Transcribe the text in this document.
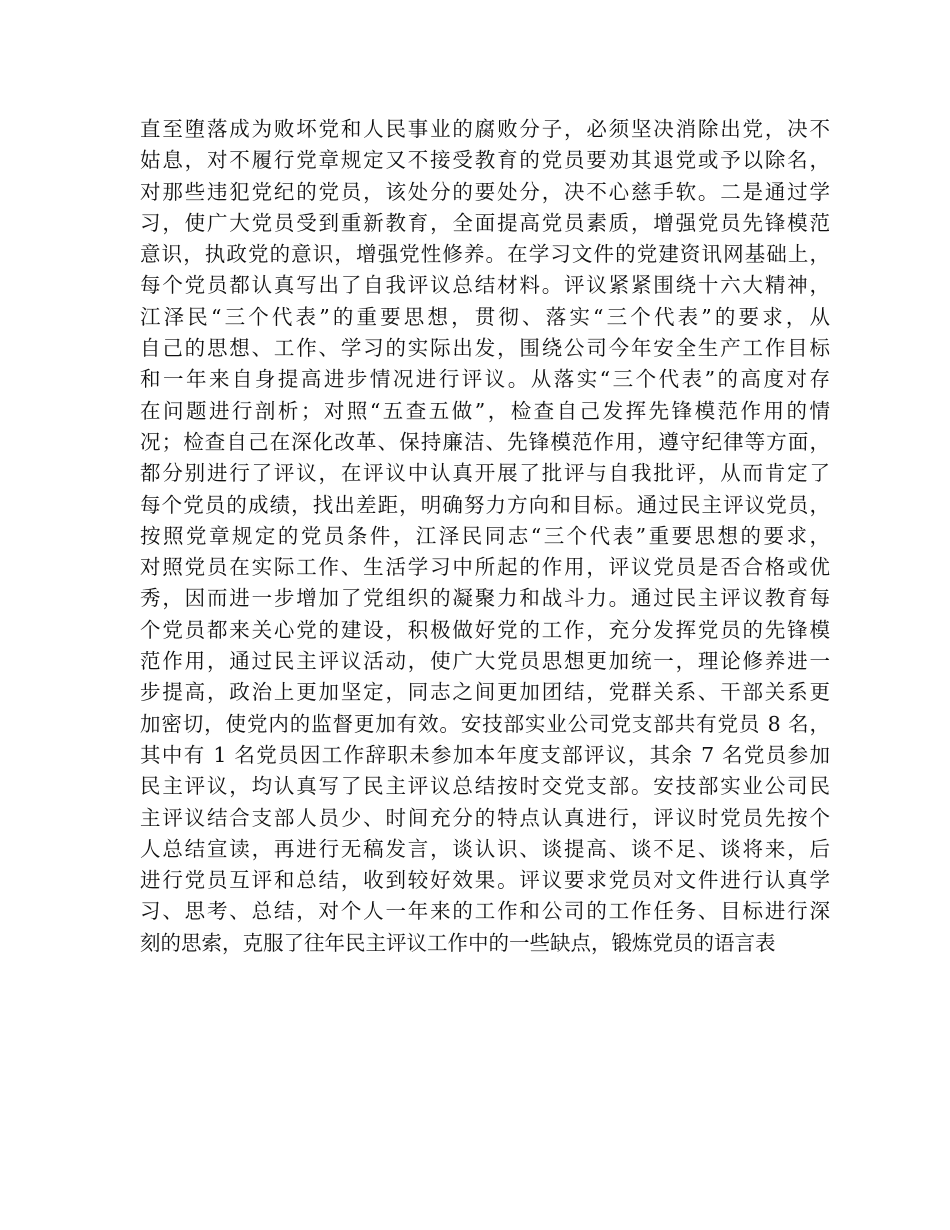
直至堕落成为败坏党和人民事业的腐败分子，必须坚决消除出党，决不
姑息，对不履行党章规定又不接受教育的党员要劝其退党或予以除名，
对那些违犯党纪的党员，该处分的要处分，决不心慈手软。二是通过学
习，使广大党员受到重新教育，全面提高党员素质，增强党员先锋模范
意识，执政党的意识，增强党性修养。在学习文件的党建资讯网基础上，
每个党员都认真写出了自我评议总结材料。评议紧紧围绕十六大精神，
江泽民“三个代表”的重要思想，贯彻、落实“三个代表”的要求，从
自己的思想、工作、学习的实际出发，围绕公司今年安全生产工作目标
和一年来自身提高进步情况进行评议。从落实“三个代表”的高度对存
在问题进行剖析；对照“五查五做”，检查自己发挥先锋模范作用的情
况；检查自己在深化改革、保持廉洁、先锋模范作用，遵守纪律等方面，
都分别进行了评议，在评议中认真开展了批评与自我批评，从而肯定了
每个党员的成绩，找出差距，明确努力方向和目标。通过民主评议党员，
按照党章规定的党员条件，江泽民同志“三个代表”重要思想的要求，
对照党员在实际工作、生活学习中所起的作用，评议党员是否合格或优
秀，因而进一步增加了党组织的凝聚力和战斗力。通过民主评议教育每
个党员都来关心党的建设，积极做好党的工作，充分发挥党员的先锋模
范作用，通过民主评议活动，使广大党员思想更加统一，理论修养进一
步提高，政治上更加坚定，同志之间更加团结，党群关系、干部关系更
加密切，使党内的监督更加有效。安技部实业公司党支部共有党员 8 名，
其中有 1 名党员因工作辞职未参加本年度支部评议，其余 7 名党员参加
民主评议，均认真写了民主评议总结按时交党支部。安技部实业公司民
主评议结合支部人员少、时间充分的特点认真进行，评议时党员先按个
人总结宣读，再进行无稿发言，谈认识、谈提高、谈不足、谈将来，后
进行党员互评和总结，收到较好效果。评议要求党员对文件进行认真学
习、思考、总结，对个人一年来的工作和公司的工作任务、目标进行深
刻的思索，克服了往年民主评议工作中的一些缺点，锻炼党员的语言表
